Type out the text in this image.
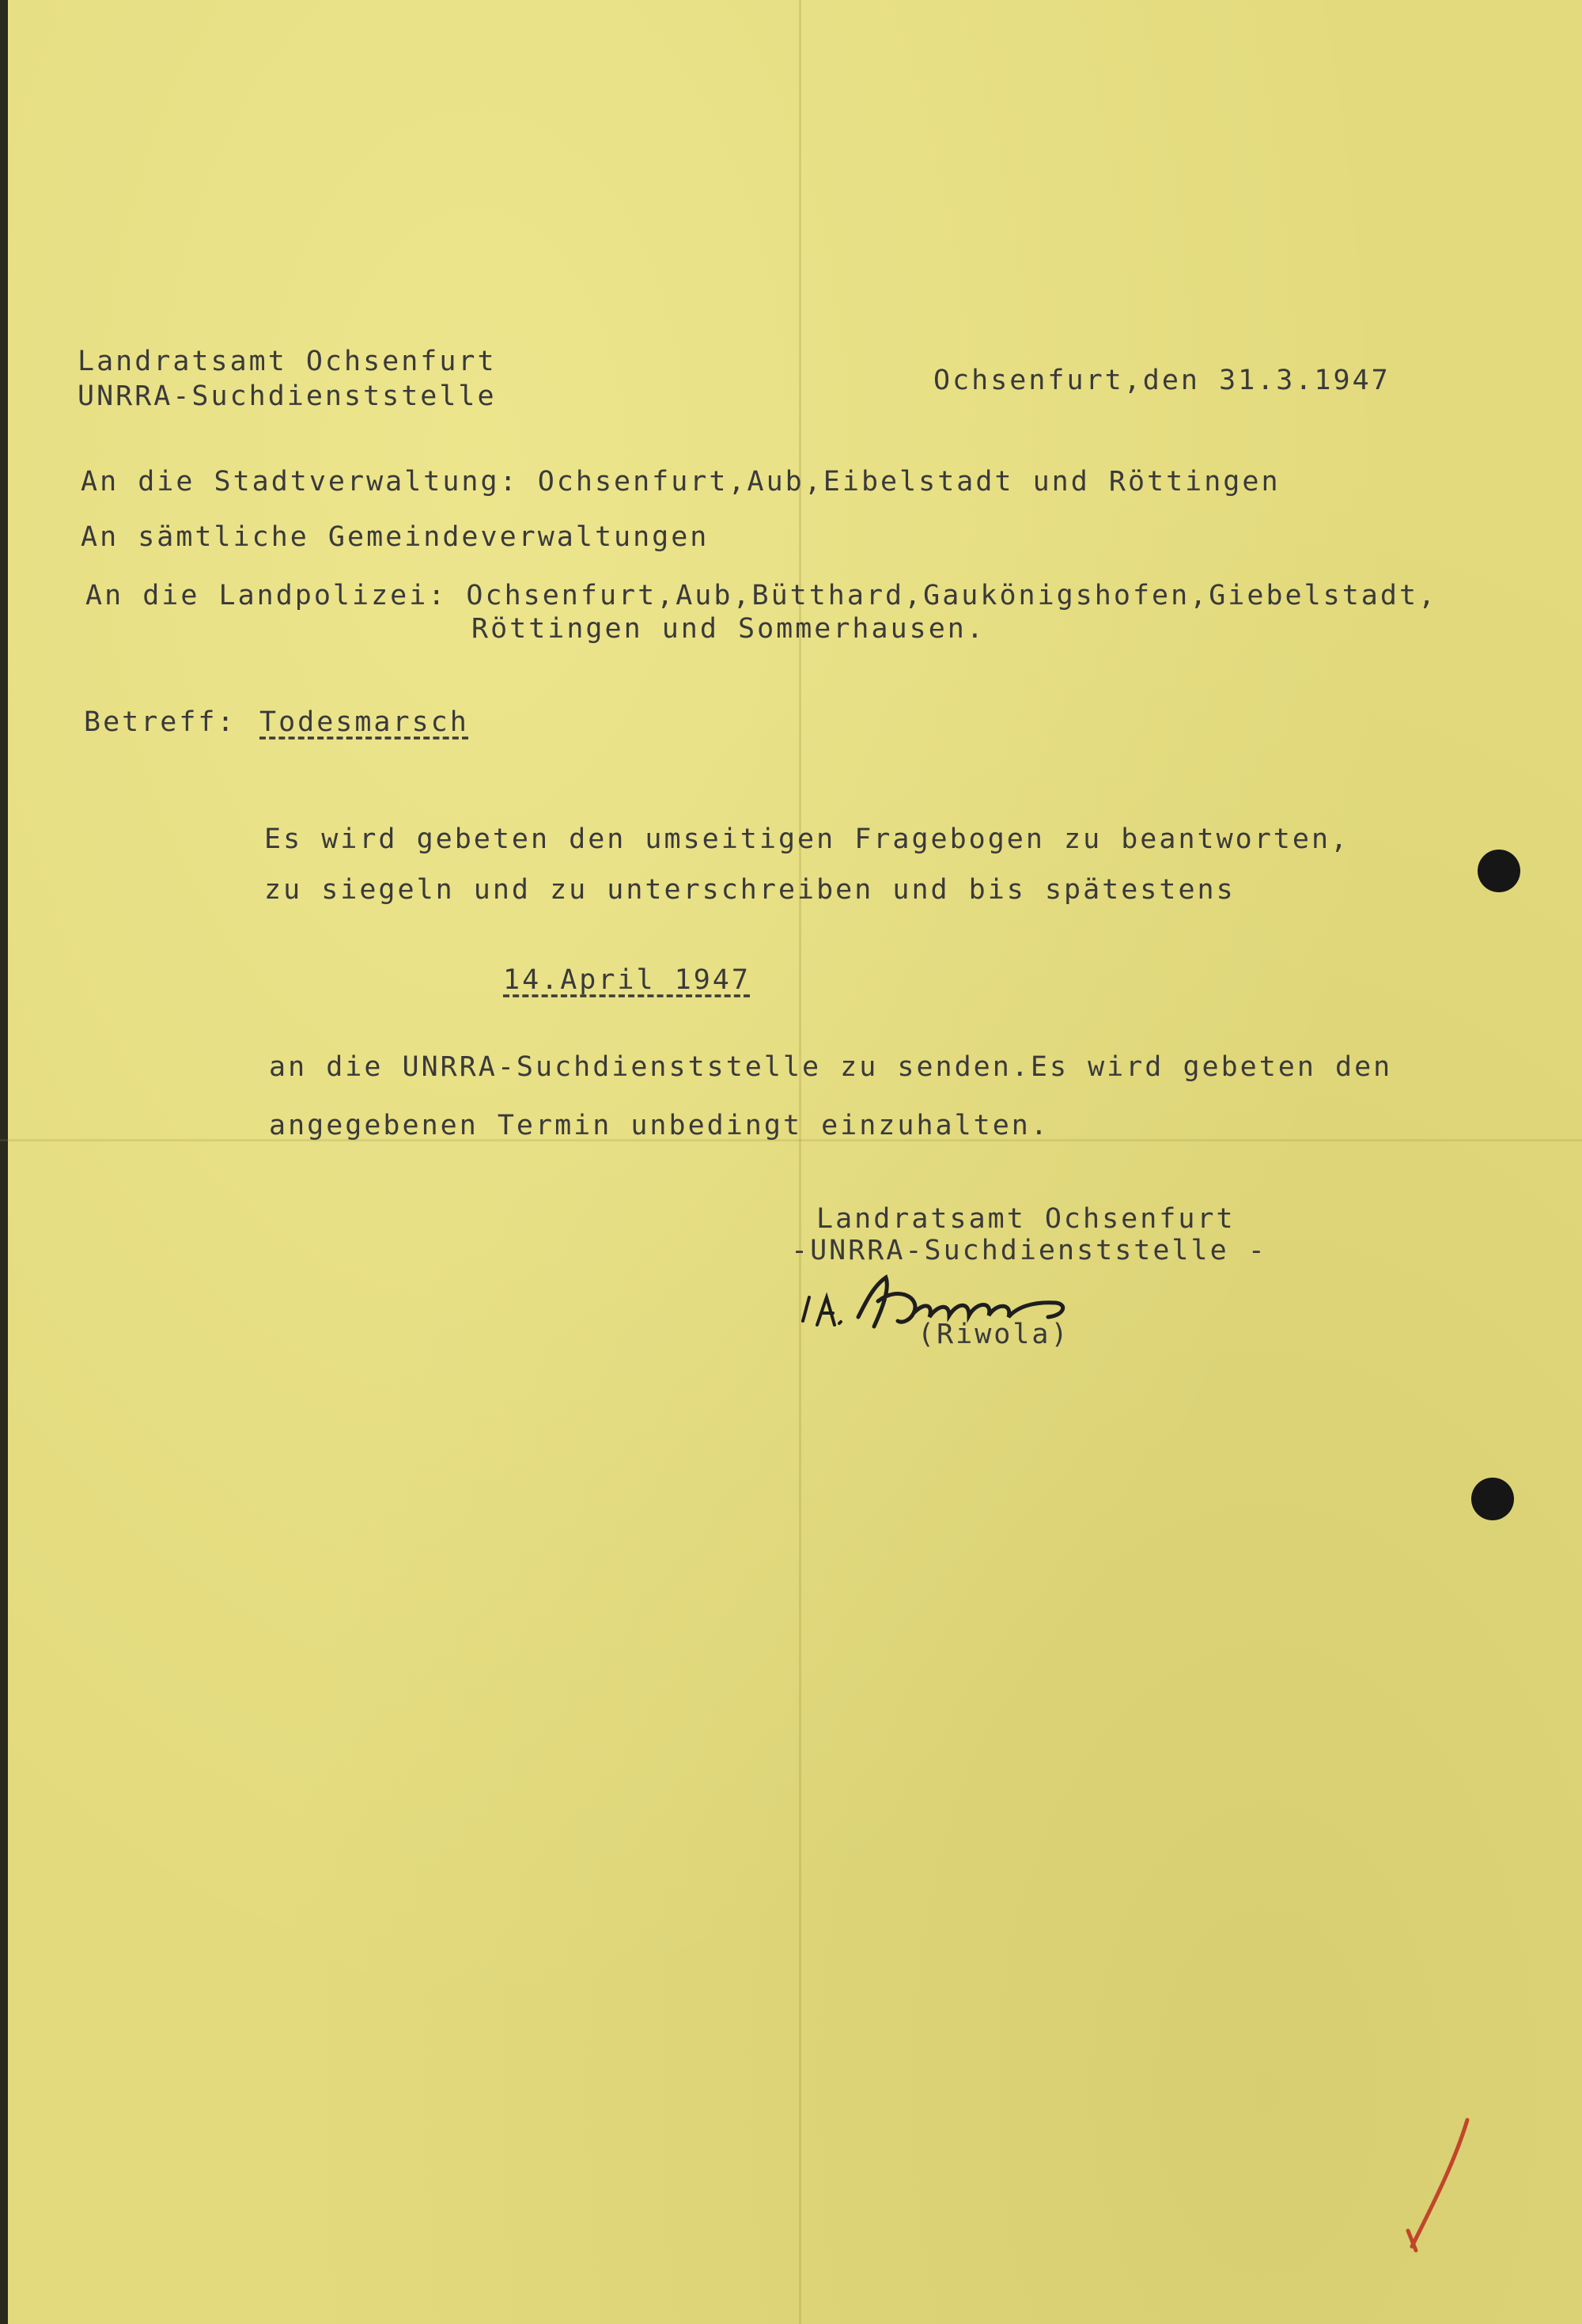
Landratsamt Ochsenfurt
UNRRA-Suchdienststelle	Ochsenfurt,den 31.3.1947
An die Stadtverwaltung: Ochsenfurt,Aub,Eibelstadt und Röttingen
An sämtliche Gemeindeverwaltungen
An die Landpolizei: Ochsenfurt,Aub,Bütthard,Gaukönigshofen,Giebelstadt,
Röttingen und Sommerhausen.
Betreff: Todesmarsch
Es wird gebeten den umseitigen Fragebogen zu beantworten,
zu siegeln und zu unterschreiben und bis spätestens
14.April 1947
an die UNRRA-Suchdienststelle zu senden.Es wird gebeten den
angegebenen Termin unbedingt einzuhalten.
Landratsamt Ochsenfurt
-UNRRA-Suchdienststelle -
(Riwola)
